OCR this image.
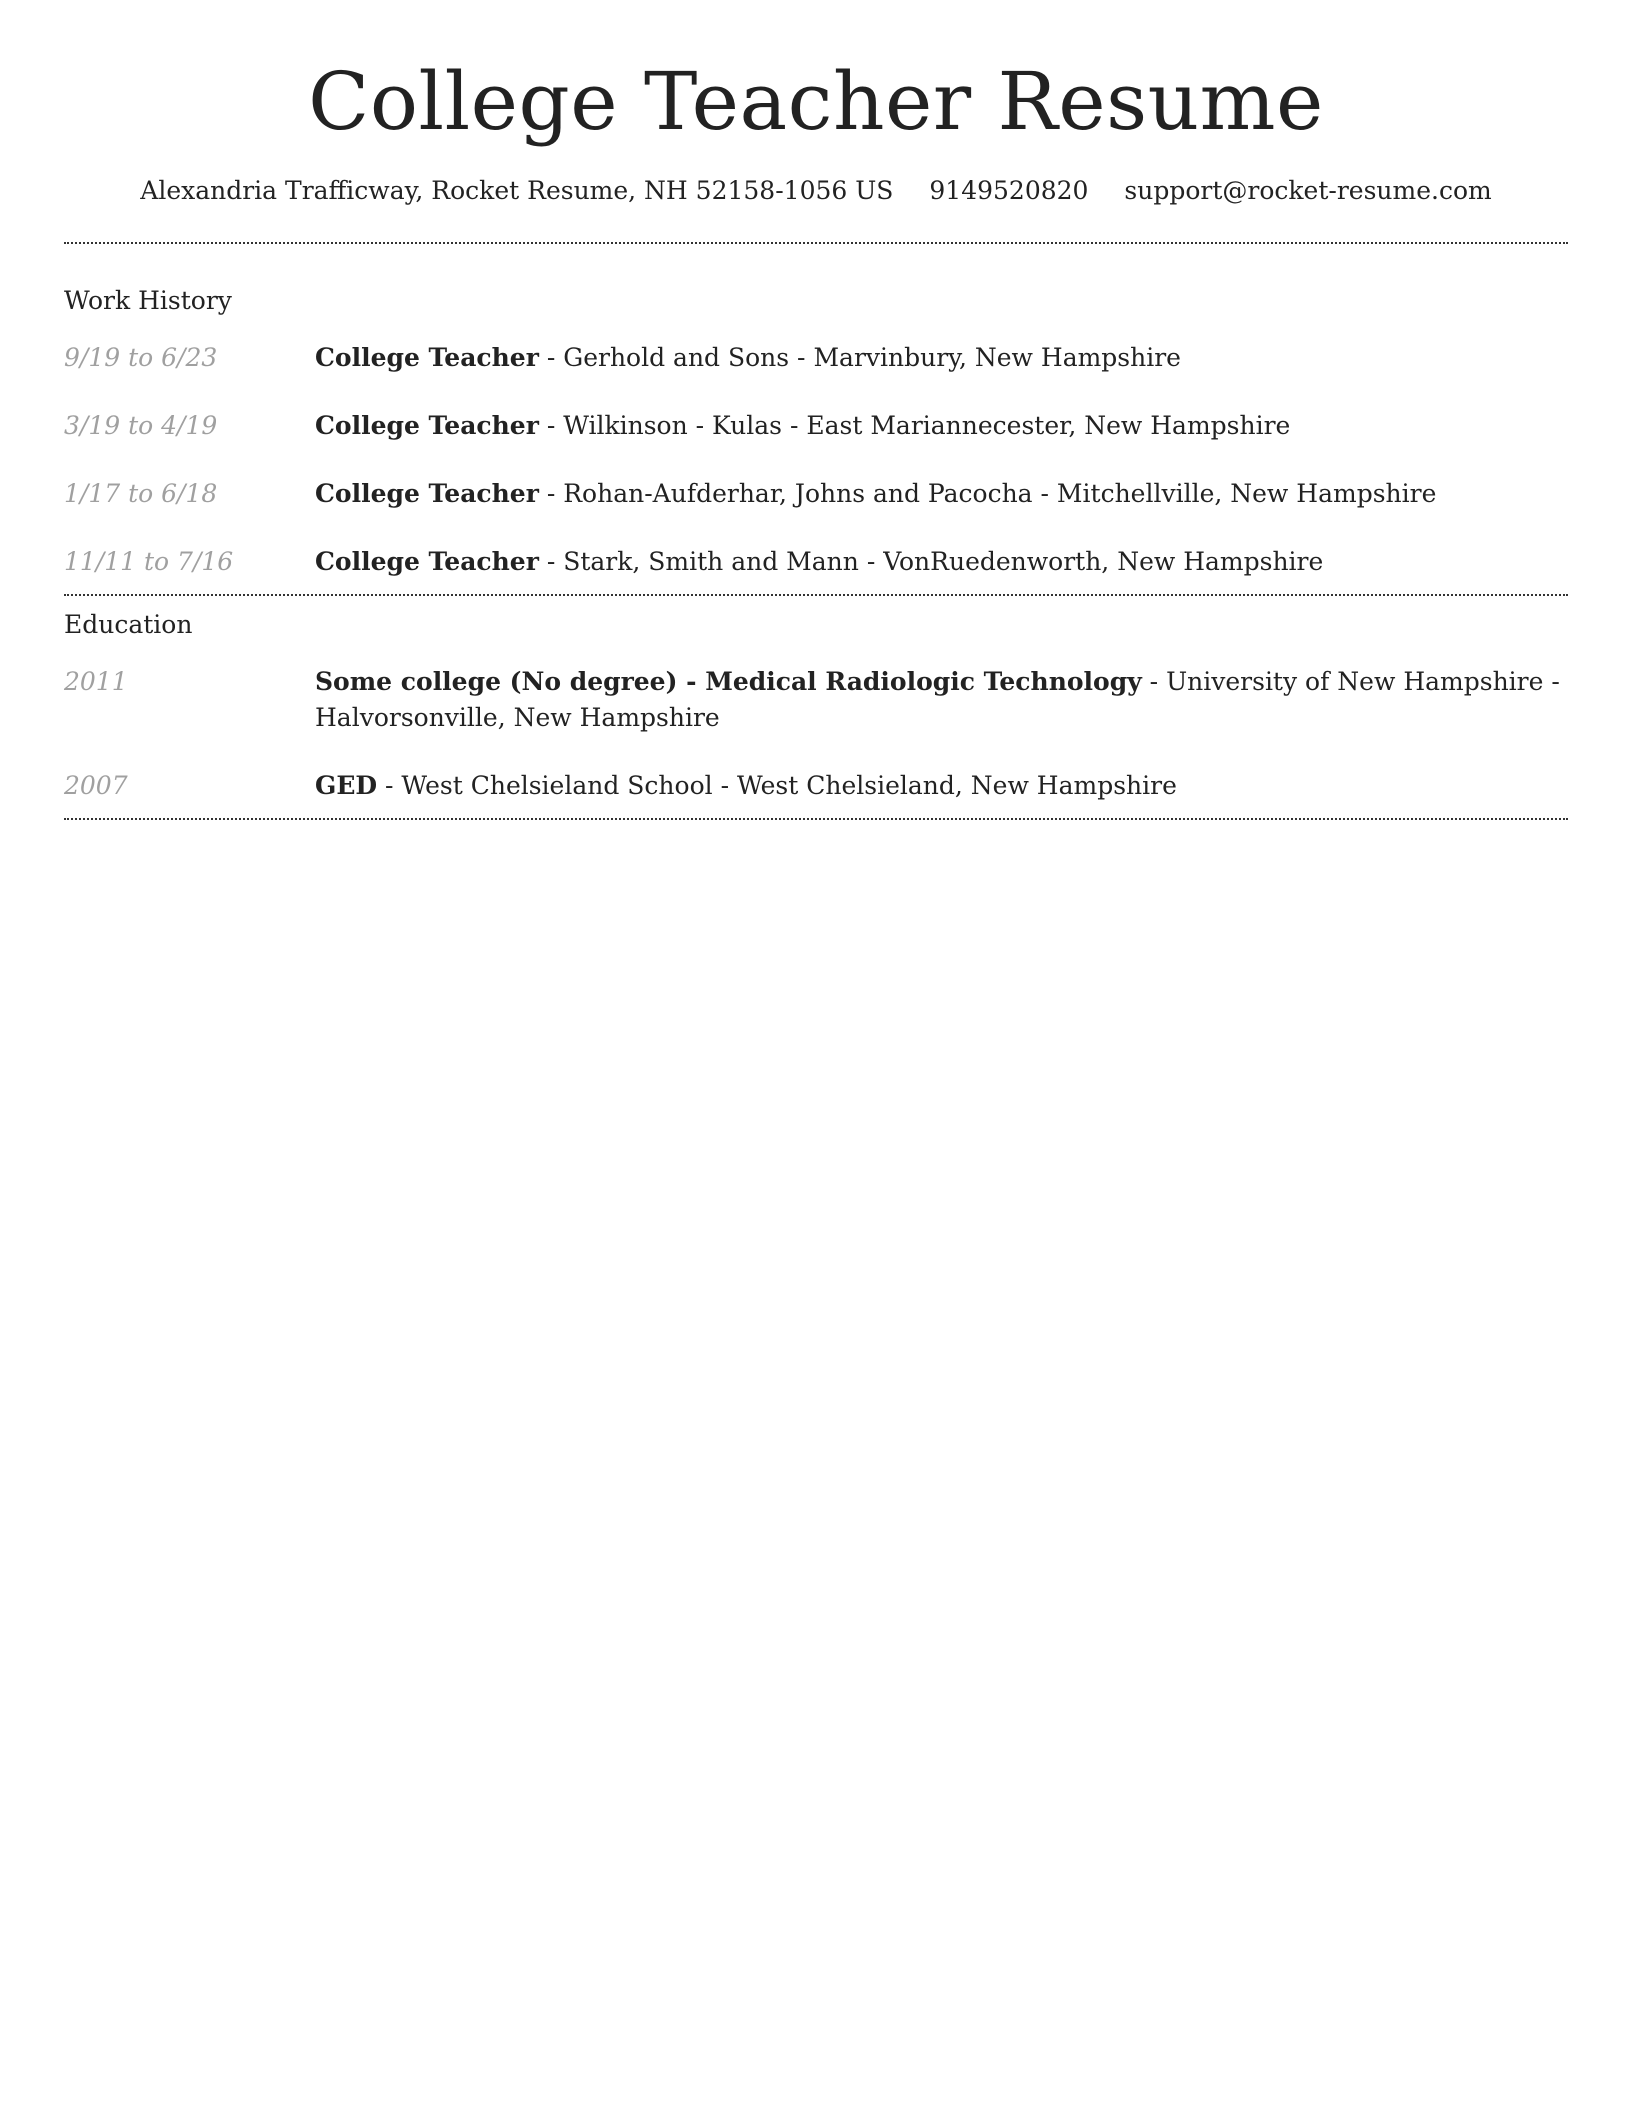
College Teacher Resume
Alexandria Trafficway, Rocket Resume, NH 52158-1056 US 9149520820 support@rocket-resume.com
Work History
9/19 to 6/23	College Teacher - Gerhold and Sons - Marvinbury, New Hampshire
3/19 to 4/19	College Teacher - Wilkinson - Kulas - East Mariannecester, New Hampshire
1/17 to 6/18	College Teacher - Rohan-Aufderhar, Johns and Pacocha - Mitchellville, New Hampshire
11/11 to 7/16	College Teacher - Stark, Smith and Mann - VonRuedenworth, New Hampshire
Education
2011	Some college (No degree) - Medical Radiologic Technology - University of New Hampshire - Halvorsonville, New Hampshire
2007	GED - West Chelsieland School - West Chelsieland, New Hampshire
